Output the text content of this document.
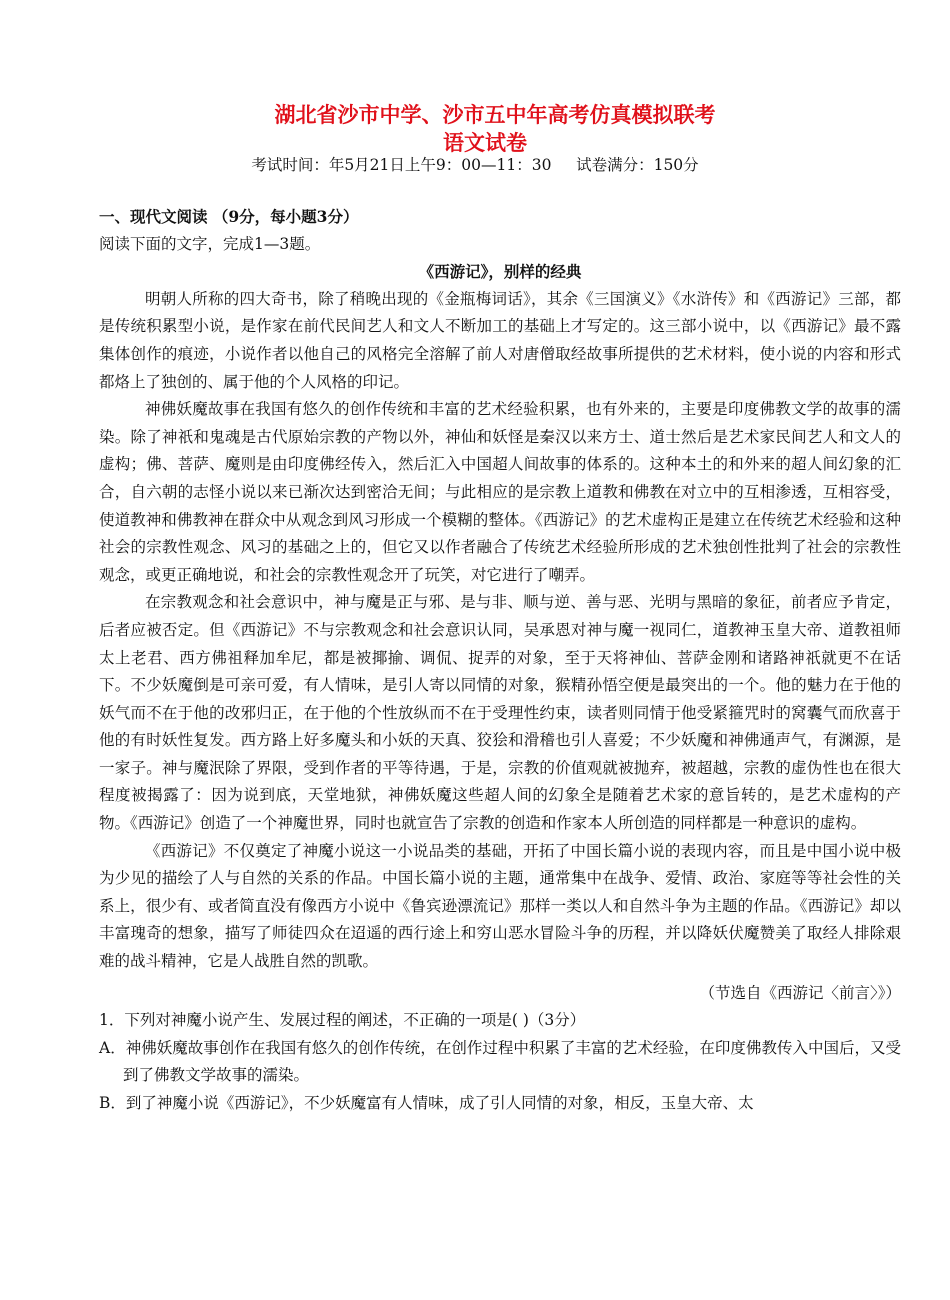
湖北省沙市中学、沙市五中年高考仿真模拟联考
语文试卷
考试时间：年5月21日上午9：00—11：30 试卷满分：150分

一、现代文阅读 （9分，每小题3分）

阅读下面的文字，完成1—3题。

《西游记》，别样的经典

明朝人所称的四大奇书，除了稍晚出现的《金瓶梅词话》，其余《三国演义》《水浒传》和《西游记》三部，都是传统积累型小说，是作家在前代民间艺人和文人不断加工的基础上才写定的。这三部小说中，以《西游记》最不露集体创作的痕迹，小说作者以他自己的风格完全溶解了前人对唐僧取经故事所提供的艺术材料，使小说的内容和形式都烙上了独创的、属于他的个人风格的印记。

神佛妖魔故事在我国有悠久的创作传统和丰富的艺术经验积累，也有外来的，主要是印度佛教文学的故事的濡染。除了神祇和鬼魂是古代原始宗教的产物以外，神仙和妖怪是秦汉以来方士、道士然后是艺术家民间艺人和文人的虚构；佛、菩萨、魔则是由印度佛经传入，然后汇入中国超人间故事的体系的。这种本土的和外来的超人间幻象的汇合，自六朝的志怪小说以来已渐次达到密洽无间；与此相应的是宗教上道教和佛教在对立中的互相渗透，互相容受，使道教神和佛教神在群众中从观念到风习形成一个模糊的整体。《西游记》的艺术虚构正是建立在传统艺术经验和这种社会的宗教性观念、风习的基础之上的，但它又以作者融合了传统艺术经验所形成的艺术独创性批判了社会的宗教性观念，或更正确地说，和社会的宗教性观念开了玩笑，对它进行了嘲弄。

在宗教观念和社会意识中，神与魔是正与邪、是与非、顺与逆、善与恶、光明与黑暗的象征，前者应予肯定，后者应被否定。但《西游记》不与宗教观念和社会意识认同，吴承恩对神与魔一视同仁，道教神玉皇大帝、道教祖师太上老君、西方佛祖释加牟尼，都是被揶揄、调侃、捉弄的对象，至于天将神仙、菩萨金刚和诸路神祇就更不在话下。不少妖魔倒是可亲可爱，有人情味，是引人寄以同情的对象，猴精孙悟空便是最突出的一个。他的魅力在于他的妖气而不在于他的改邪归正，在于他的个性放纵而不在于受理性约束，读者则同情于他受紧箍咒时的窝囊气而欣喜于他的有时妖性复发。西方路上好多魔头和小妖的天真、狡狯和滑稽也引人喜爱；不少妖魔和神佛通声气，有渊源，是一家子。神与魔泯除了界限，受到作者的平等待遇，于是，宗教的价值观就被抛弃，被超越，宗教的虚伪性也在很大程度被揭露了：因为说到底，天堂地狱，神佛妖魔这些超人间的幻象全是随着艺术家的意旨转的，是艺术虚构的产物。《西游记》创造了一个神魔世界，同时也就宣告了宗教的创造和作家本人所创造的同样都是一种意识的虚构。

《西游记》不仅奠定了神魔小说这一小说品类的基础，开拓了中国长篇小说的表现内容，而且是中国小说中极为少见的描绘了人与自然的关系的作品。中国长篇小说的主题，通常集中在战争、爱情、政治、家庭等等社会性的关系上，很少有、或者简直没有像西方小说中《鲁宾逊漂流记》那样一类以人和自然斗争为主题的作品。《西游记》却以丰富瑰奇的想象，描写了师徒四众在迢遥的西行途上和穷山恶水冒险斗争的历程，并以降妖伏魔赞美了取经人排除艰难的战斗精神，它是人战胜自然的凯歌。

（节选自《西游记〈前言〉》）

1．下列对神魔小说产生、发展过程的阐述，不正确的一项是( )（3分）

A．神佛妖魔故事创作在我国有悠久的创作传统，在创作过程中积累了丰富的艺术经验，在印度佛教传入中国后，又受到了佛教文学故事的濡染。

B．到了神魔小说《西游记》，不少妖魔富有人情味，成了引人同情的对象，相反，玉皇大帝、太
